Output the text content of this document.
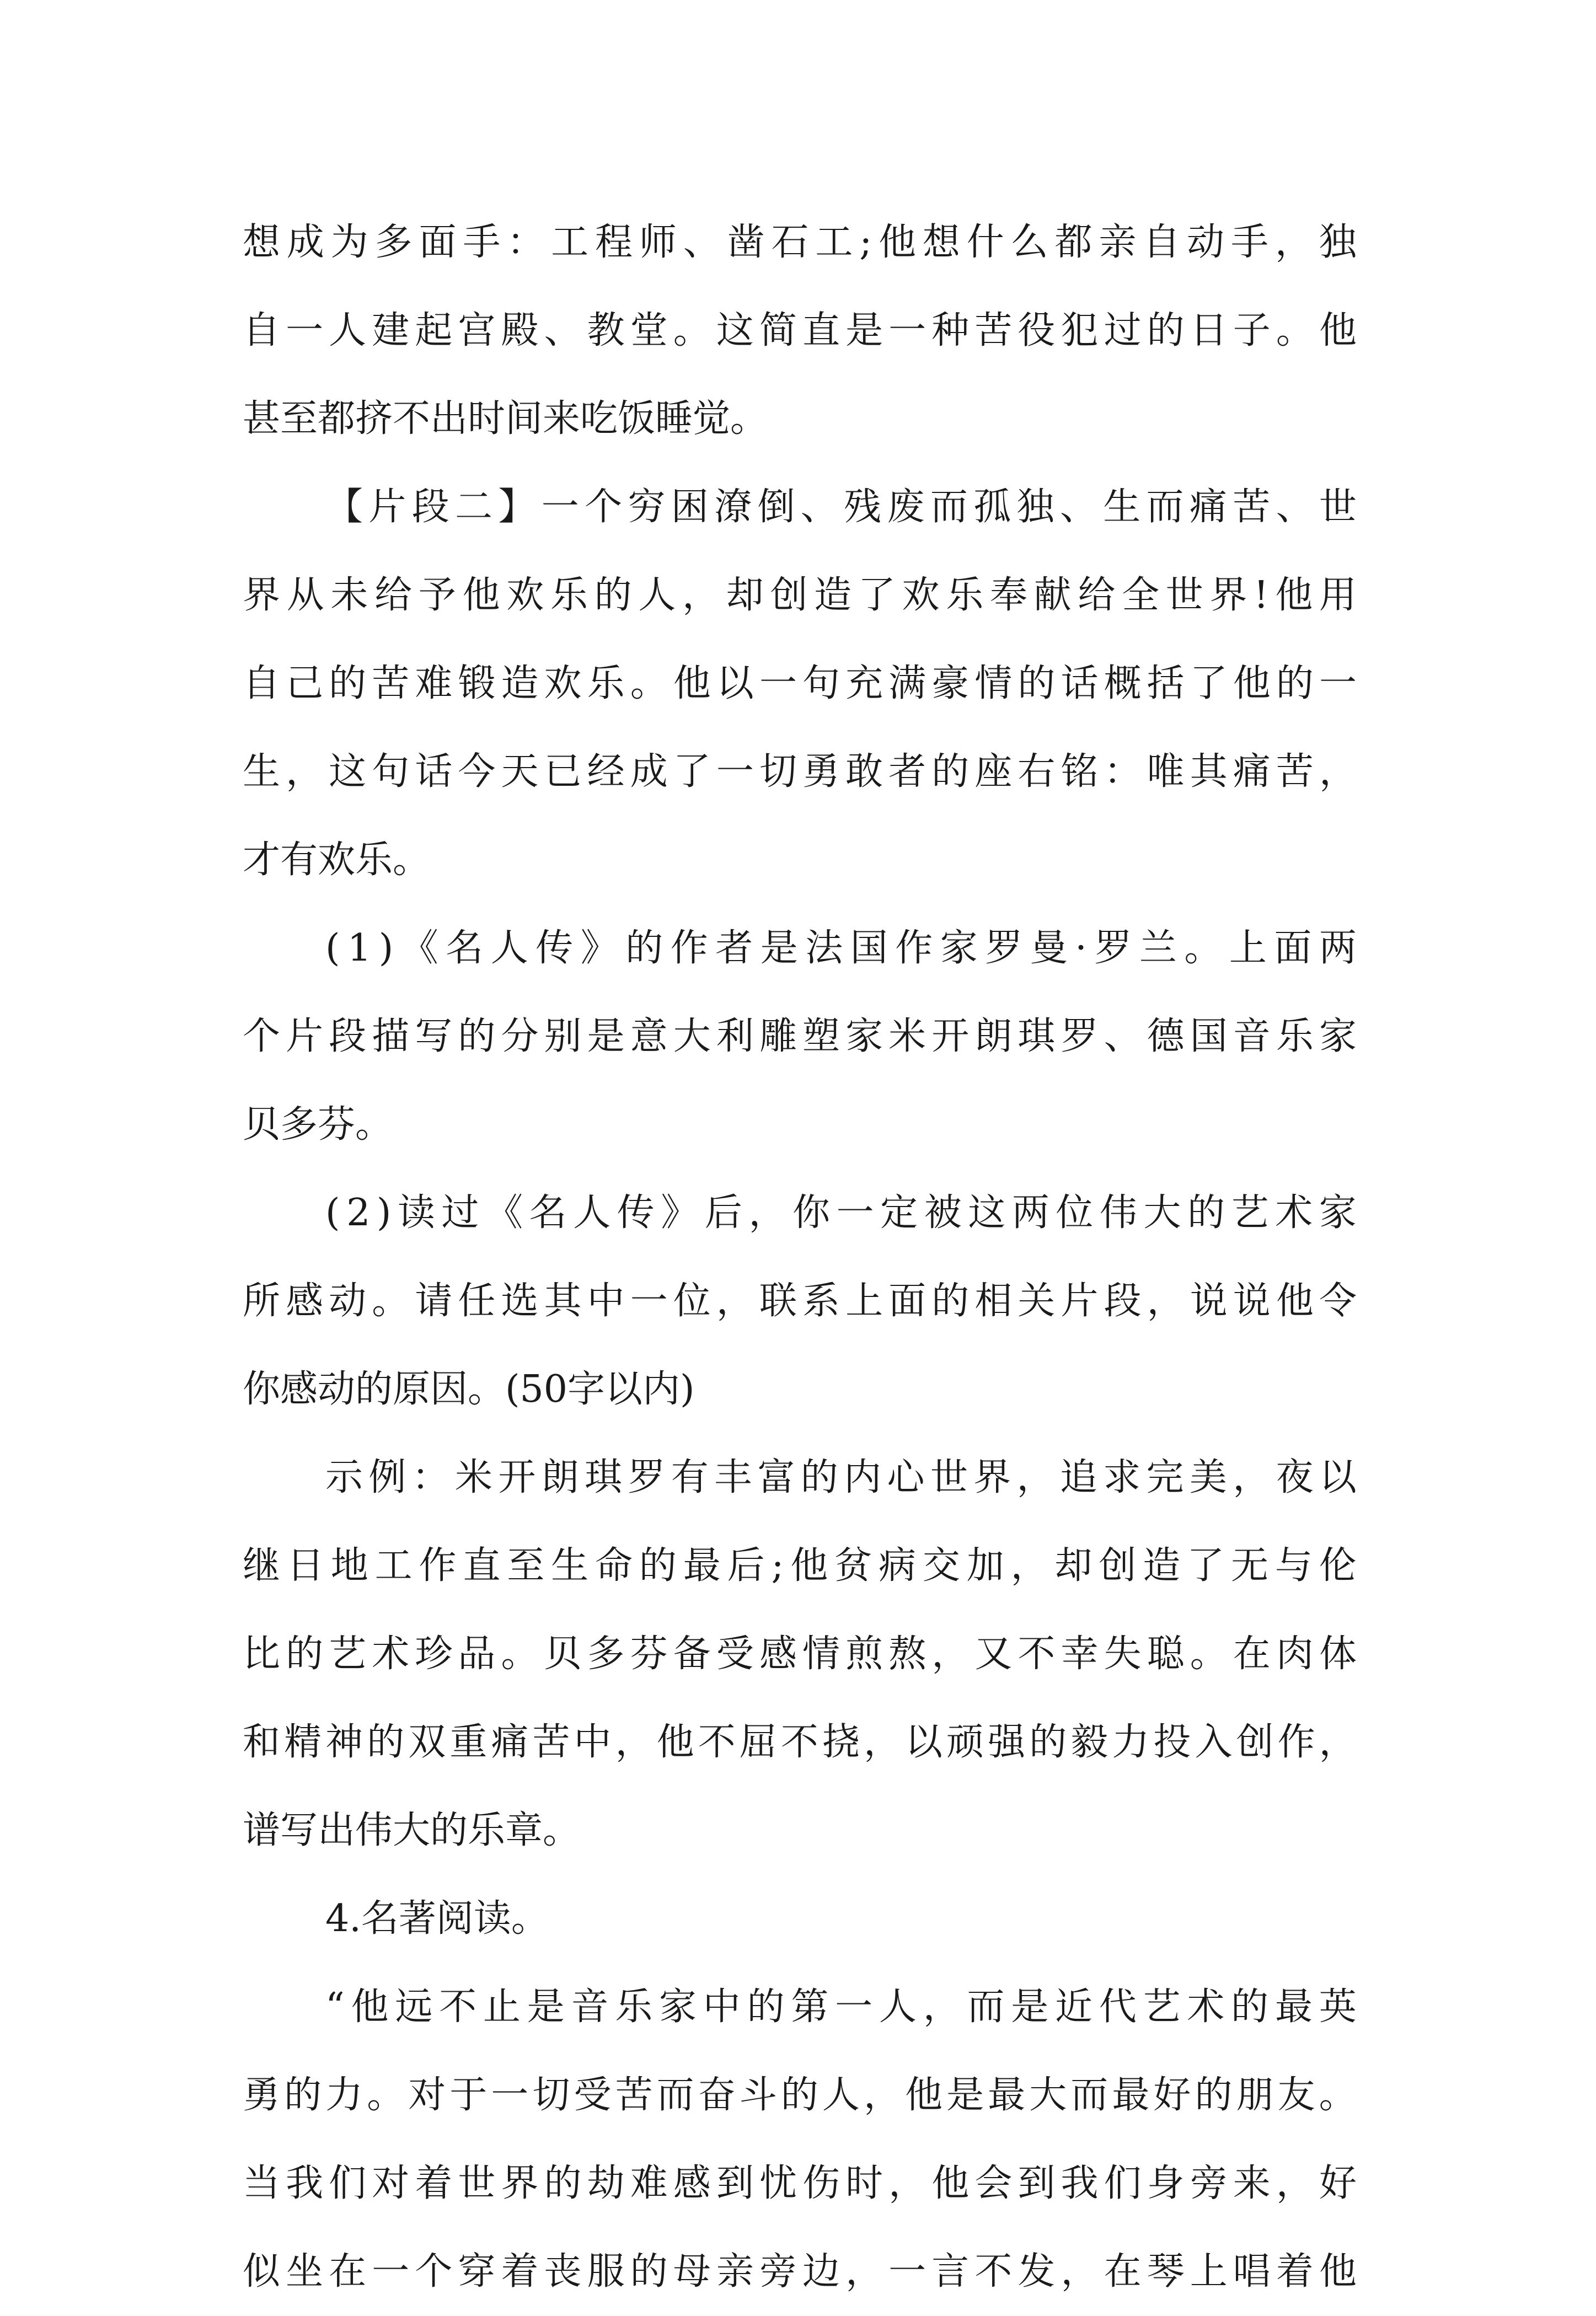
想 成 为 多 面 手 ： 工 程 师 、 凿 石 工 ; 他 想 什 么 都 亲 自 动 手 ， 独
自 一 人 建 起 宫 殿 、 教 堂 。 这 简 直 是 一 种 苦 役 犯 过 的 日 子 。 他
甚至都挤不出时间来吃饭睡觉。
【 片 段 二 】 一 个 穷 困 潦 倒 、 残 废 而 孤 独 、 生 而 痛 苦 、 世
界 从 未 给 予 他 欢 乐 的 人 ， 却 创 造 了 欢 乐 奉 献 给 全 世 界 ! 他 用
自 己 的 苦 难 锻 造 欢 乐 。 他 以 一 句 充 满 豪 情 的 话 概 括 了 他 的 一
生 ， 这 句 话 今 天 已 经 成 了 一 切 勇 敢 者 的 座 右 铭 ： 唯 其 痛 苦 ，
才有欢乐。
( 1 ) 《 名 人 传 》 的 作 者 是 法 国 作 家 罗 曼 · 罗 兰 。 上 面 两
个 片 段 描 写 的 分 别 是 意 大 利 雕 塑 家 米 开 朗 琪 罗 、 德 国 音 乐 家
贝多芬。
( 2 ) 读 过 《 名 人 传 》 后 ， 你 一 定 被 这 两 位 伟 大 的 艺 术 家
所 感 动 。 请 任 选 其 中 一 位 ， 联 系 上 面 的 相 关 片 段 ， 说 说 他 令
你感动的原因。(50字以内)
示 例 ： 米 开 朗 琪 罗 有 丰 富 的 内 心 世 界 ， 追 求 完 美 ， 夜 以
继 日 地 工 作 直 至 生 命 的 最 后 ; 他 贫 病 交 加 ， 却 创 造 了 无 与 伦
比 的 艺 术 珍 品 。 贝 多 芬 备 受 感 情 煎 熬 ， 又 不 幸 失 聪 。 在 肉 体
和 精 神 的 双 重 痛 苦 中 ， 他 不 屈 不 挠 ， 以 顽 强 的 毅 力 投 入 创 作 ，
谱写出伟大的乐章。
4.名著阅读。
“ 他 远 不 止 是 音 乐 家 中 的 第 一 人 ， 而 是 近 代 艺 术 的 最 英
勇 的 力 。 对 于 一 切 受 苦 而 奋 斗 的 人 ， 他 是 最 大 而 最 好 的 朋 友 。
当 我 们 对 着 世 界 的 劫 难 感 到 忧 伤 时 ， 他 会 到 我 们 身 旁 来 ， 好
似 坐 在 一 个 穿 着 丧 服 的 母 亲 旁 边 ， 一 言 不 发 ， 在 琴 上 唱 着 他
